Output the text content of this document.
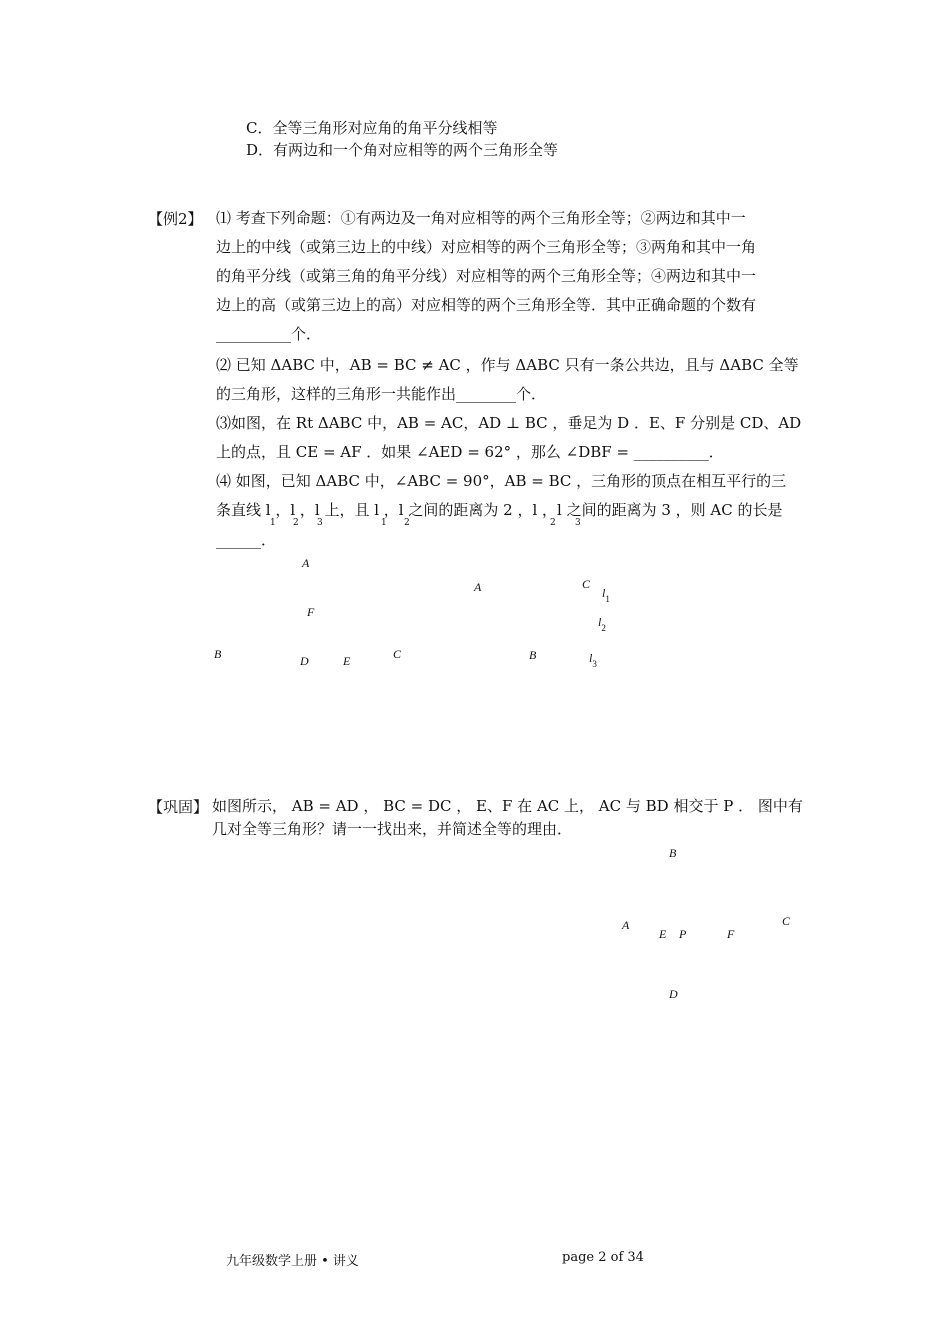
C．全等三角形对应角的角平分线相等
D．有两边和一个角对应相等的两个三角形全等
【例2】 ⑴ 考查下列命题：①有两边及一角对应相等的两个三角形全等；②两边和其中一
边上的中线（或第三边上的中线）对应相等的两个三角形全等；③两角和其中一角
的角平分线（或第三角的角平分线）对应相等的两个三角形全等；④两边和其中一
边上的高（或第三边上的高）对应相等的两个三角形全等．其中正确命题的个数有
__________个．
⑵ 已知 ΔABC 中，AB = BC ≠ AC ，作与 ΔABC 只有一条公共边，且与 ΔABC 全等
的三角形，这样的三角形一共能作出________个．
⑶如图，在 Rt ΔABC 中，AB = AC，AD ⊥ BC ，垂足为 D ．E、F 分别是 CD、AD
上的点，且 CE = AF ．如果 ∠AED = 62° ，那么 ∠DBF = __________．
⑷ 如图，已知 ΔABC 中，∠ABC = 90°，AB = BC ，三角形的顶点在相互平行的三
条直线 l ，l ，l 上，且 l ，l 之间的距离为 2 ，l ，l 之间的距离为 3 ，则 AC 的长是
______．
1 2 3	1 2	2 3
A
F
B	D	E	C
A	C
B
$l_1$
$l_2$
$l_3$
【巩固】 如图所示， AB = AD ， BC = DC ， E、F 在 AC 上， AC 与 BD 相交于 P ． 图中有
几对全等三角形？请一一找出来，并简述全等的理由．
B
A
E P	F
C
D
九年级数学上册 • 讲义	page 2 of 34
